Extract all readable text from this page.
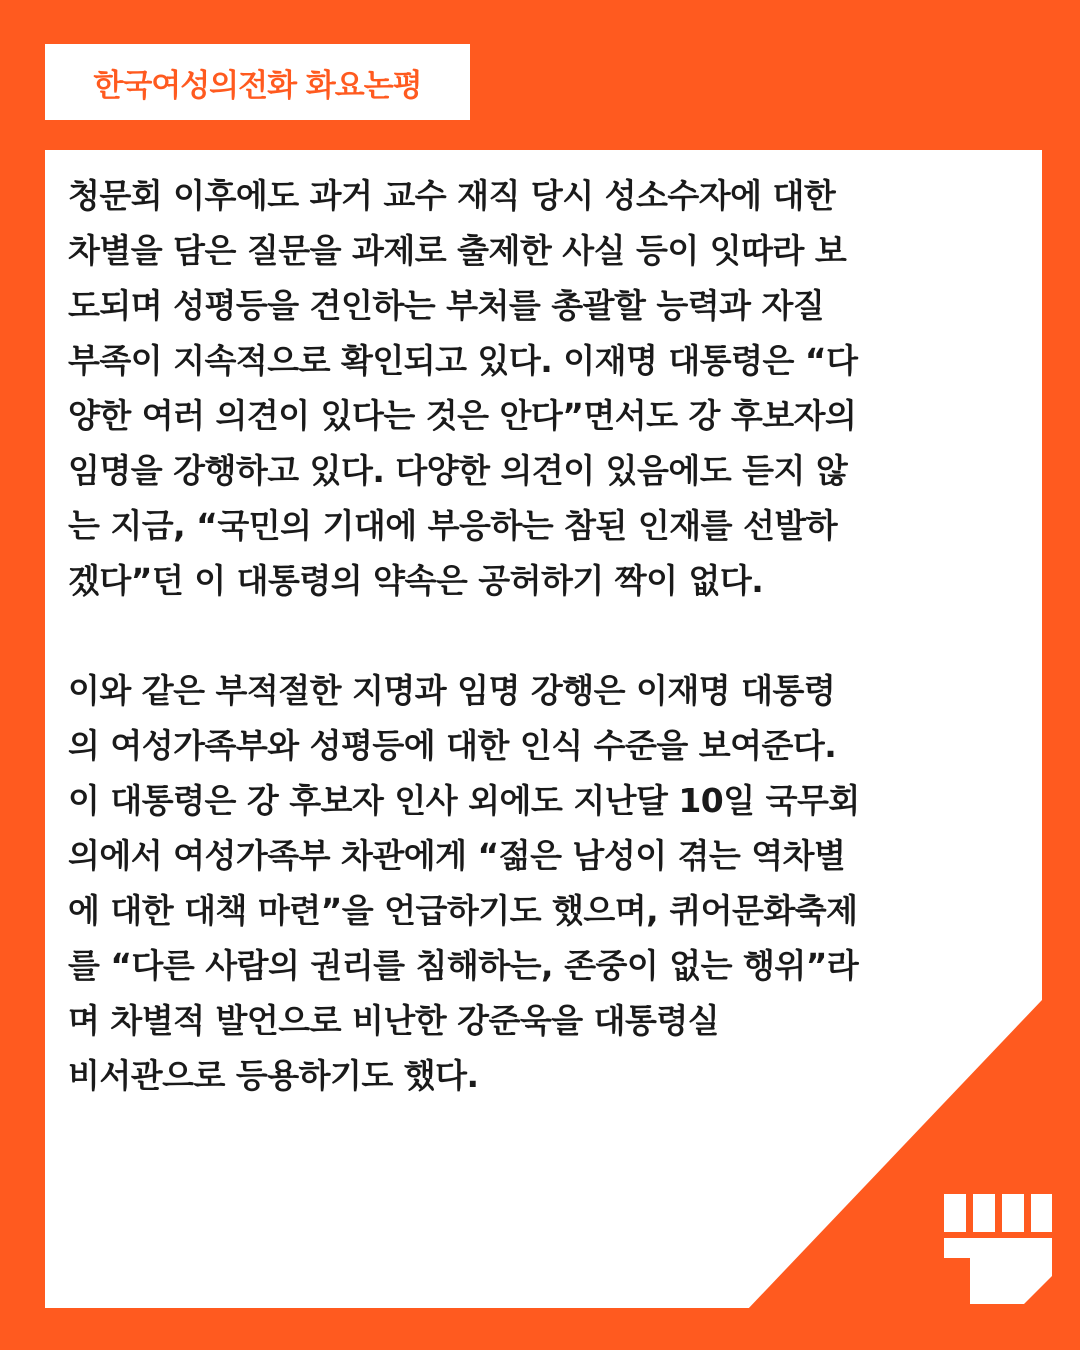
한국여성의전화 화요논평
청문회 이후에도 과거 교수 재직 당시 성소수자에 대한
차별을 담은 질문을 과제로 출제한 사실 등이 잇따라 보
도되며 성평등을 견인하는 부처를 총괄할 능력과 자질
부족이 지속적으로 확인되고 있다. 이재명 대통령은 “다
양한 여러 의견이 있다는 것은 안다”면서도 강 후보자의
임명을 강행하고 있다. 다양한 의견이 있음에도 듣지 않
는 지금, “국민의 기대에 부응하는 참된 인재를 선발하
겠다”던 이 대통령의 약속은 공허하기 짝이 없다.
이와 같은 부적절한 지명과 임명 강행은 이재명 대통령
의 여성가족부와 성평등에 대한 인식 수준을 보여준다.
이 대통령은 강 후보자 인사 외에도 지난달 10일 국무회
의에서 여성가족부 차관에게 “젊은 남성이 겪는 역차별
에 대한 대책 마련”을 언급하기도 했으며, 퀴어문화축제
를 “다른 사람의 권리를 침해하는, 존중이 없는 행위”라
며 차별적 발언으로 비난한 강준욱을 대통령실
비서관으로 등용하기도 했다.
